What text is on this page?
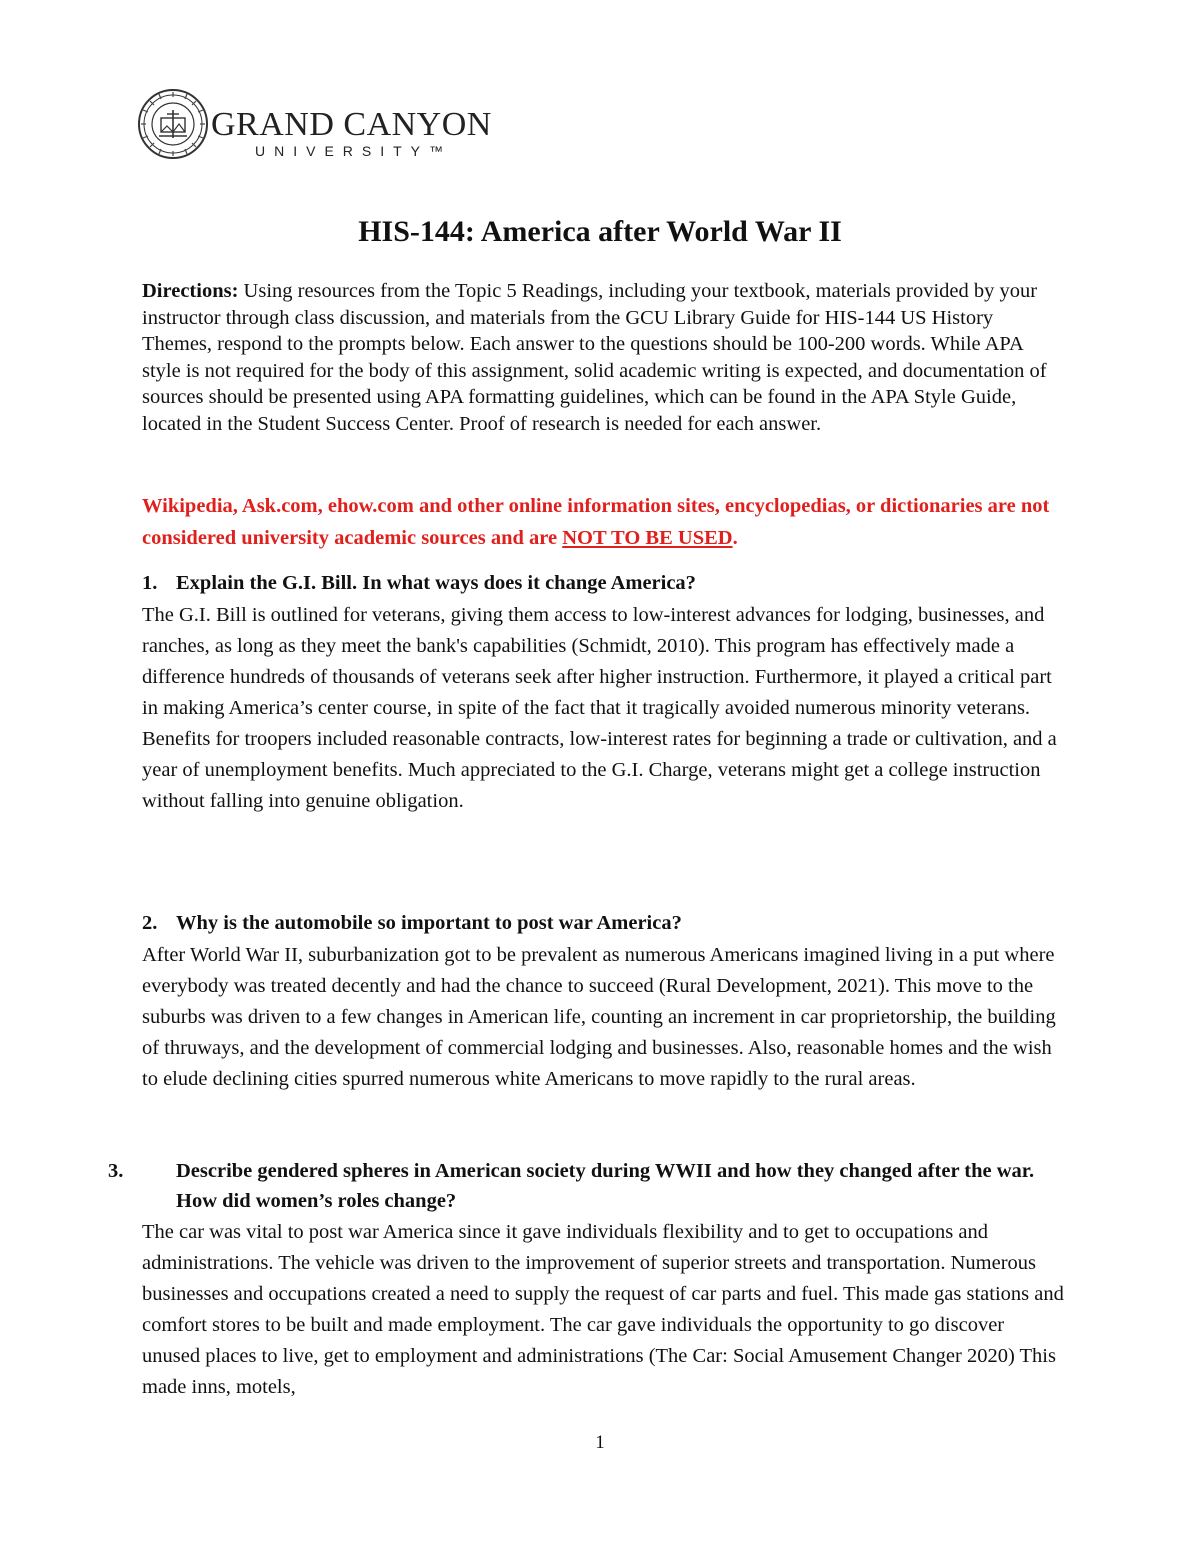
GRAND CANYON
UNIVERSITY™
HIS-144: America after World War II
Directions: Using resources from the Topic 5 Readings, including your textbook, materials provided by your instructor through class discussion, and materials from the GCU Library Guide for HIS-144 US History Themes, respond to the prompts below. Each answer to the questions should be 100-200 words. While APA style is not required for the body of this assignment, solid academic writing is expected, and documentation of sources should be presented using APA formatting guidelines, which can be found in the APA Style Guide, located in the Student Success Center. Proof of research is needed for each answer.
Wikipedia, Ask.com, ehow.com and other online information sites, encyclopedias, or dictionaries are not considered university academic sources and are NOT TO BE USED.
1. Explain the G.I. Bill. In what ways does it change America?
The G.I. Bill is outlined for veterans, giving them access to low-interest advances for lodging, businesses, and ranches, as long as they meet the bank's capabilities (Schmidt, 2010). This program has effectively made a difference hundreds of thousands of veterans seek after higher instruction. Furthermore, it played a critical part in making America’s center course, in spite of the fact that it tragically avoided numerous minority veterans. Benefits for troopers included reasonable contracts, low-interest rates for beginning a trade or cultivation, and a year of unemployment benefits. Much appreciated to the G.I. Charge, veterans might get a college instruction without falling into genuine obligation.
2. Why is the automobile so important to post war America?
After World War II, suburbanization got to be prevalent as numerous Americans imagined living in a put where everybody was treated decently and had the chance to succeed (Rural Development, 2021). This move to the suburbs was driven to a few changes in American life, counting an increment in car proprietorship, the building of thruways, and the development of commercial lodging and businesses. Also, reasonable homes and the wish to elude declining cities spurred numerous white Americans to move rapidly to the rural areas.
3.	Describe gendered spheres in American society during WWII and how they changed after the war. How did women’s roles change?
The car was vital to post war America since it gave individuals flexibility and to get to occupations and administrations. The vehicle was driven to the improvement of superior streets and transportation. Numerous businesses and occupations created a need to supply the request of car parts and fuel. This made gas stations and comfort stores to be built and made employment. The car gave individuals the opportunity to go discover unused places to live, get to employment and administrations (The Car: Social Amusement Changer 2020) This made inns, motels,
1
